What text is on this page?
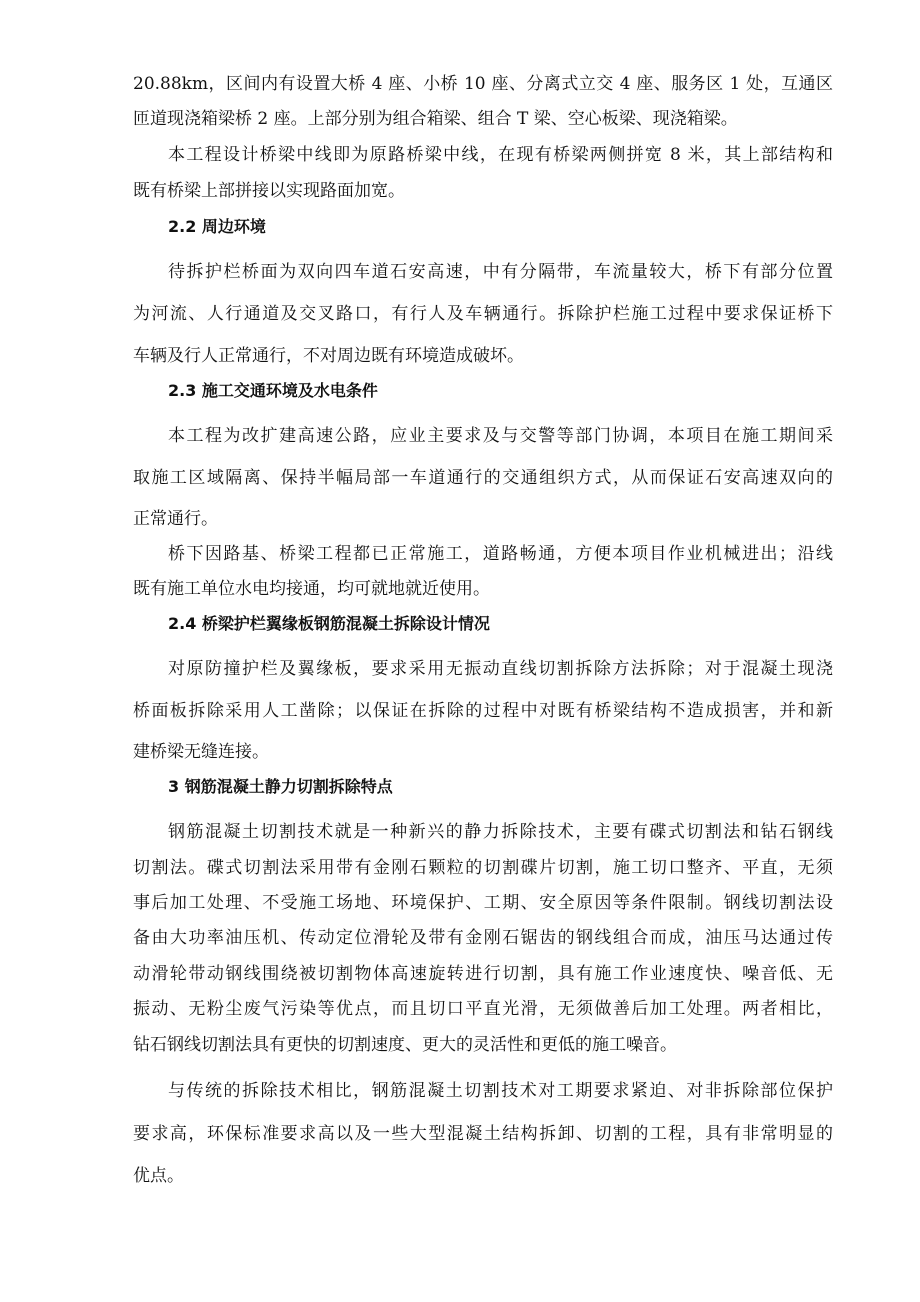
20.88km，区间内有设置大桥 4 座、小桥 10 座、分离式立交 4 座、服务区 1 处，互通区
匝道现浇箱梁桥 2 座。上部分别为组合箱梁、组合 T 梁、空心板梁、现浇箱梁。
本工程设计桥梁中线即为原路桥梁中线，在现有桥梁两侧拼宽 8 米，其上部结构和
既有桥梁上部拼接以实现路面加宽。
2.2 周边环境
待拆护栏桥面为双向四车道石安高速，中有分隔带，车流量较大，桥下有部分位置
为河流、人行通道及交叉路口，有行人及车辆通行。拆除护栏施工过程中要求保证桥下
车辆及行人正常通行，不对周边既有环境造成破坏。
2.3 施工交通环境及水电条件
本工程为改扩建高速公路，应业主要求及与交警等部门协调，本项目在施工期间采
取施工区域隔离、保持半幅局部一车道通行的交通组织方式，从而保证石安高速双向的
正常通行。
桥下因路基、桥梁工程都已正常施工，道路畅通，方便本项目作业机械进出；沿线
既有施工单位水电均接通，均可就地就近使用。
2.4 桥梁护栏翼缘板钢筋混凝土拆除设计情况
对原防撞护栏及翼缘板，要求采用无振动直线切割拆除方法拆除；对于混凝土现浇
桥面板拆除采用人工凿除；以保证在拆除的过程中对既有桥梁结构不造成损害，并和新
建桥梁无缝连接。
3 钢筋混凝土静力切割拆除特点
钢筋混凝土切割技术就是一种新兴的静力拆除技术，主要有碟式切割法和钻石钢线
切割法。碟式切割法采用带有金刚石颗粒的切割碟片切割，施工切口整齐、平直，无须
事后加工处理、不受施工场地、环境保护、工期、安全原因等条件限制。钢线切割法设
备由大功率油压机、传动定位滑轮及带有金刚石锯齿的钢线组合而成，油压马达通过传
动滑轮带动钢线围绕被切割物体高速旋转进行切割，具有施工作业速度快、噪音低、无
振动、无粉尘废气污染等优点，而且切口平直光滑，无须做善后加工处理。两者相比，
钻石钢线切割法具有更快的切割速度、更大的灵活性和更低的施工噪音。
与传统的拆除技术相比，钢筋混凝土切割技术对工期要求紧迫、对非拆除部位保护
要求高，环保标准要求高以及一些大型混凝土结构拆卸、切割的工程，具有非常明显的
优点。
